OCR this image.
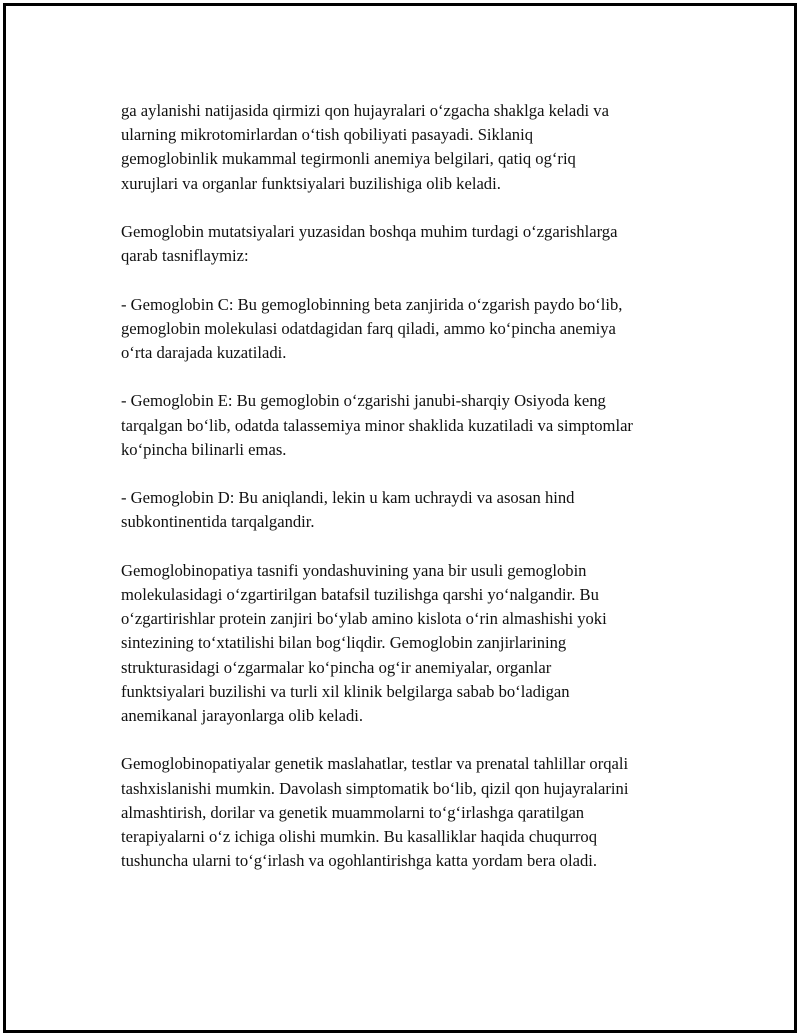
ga aylanishi natijasida qirmizi qon hujayralari o‘zgacha shaklga keladi va
ularning mikrotomirlardan o‘tish qobiliyati pasayadi. Siklaniq
gemoglobinlik mukammal tegirmonli anemiya belgilari, qatiq og‘riq
xurujlari va organlar funktsiyalari buzilishiga olib keladi.

Gemoglobin mutatsiyalari yuzasidan boshqa muhim turdagi o‘zgarishlarga
qarab tasniflaymiz:

- Gemoglobin C: Bu gemoglobinning beta zanjirida o‘zgarish paydo bo‘lib,
gemoglobin molekulasi odatdagidan farq qiladi, ammo ko‘pincha anemiya
o‘rta darajada kuzatiladi.

- Gemoglobin E: Bu gemoglobin o‘zgarishi janubi-sharqiy Osiyoda keng
tarqalgan bo‘lib, odatda talassemiya minor shaklida kuzatiladi va simptomlar
ko‘pincha bilinarli emas.

- Gemoglobin D: Bu aniqlandi, lekin u kam uchraydi va asosan hind
subkontinentida tarqalgandir.

Gemoglobinopatiya tasnifi yondashuvining yana bir usuli gemoglobin
molekulasidagi o‘zgartirilgan batafsil tuzilishga qarshi yo‘nalgandir. Bu
o‘zgartirishlar protein zanjiri bo‘ylab amino kislota o‘rin almashishi yoki
sintezining to‘xtatilishi bilan bog‘liqdir. Gemoglobin zanjirlarining
strukturasidagi o‘zgarmalar ko‘pincha og‘ir anemiyalar, organlar
funktsiyalari buzilishi va turli xil klinik belgilarga sabab bo‘ladigan
anemikanal jarayonlarga olib keladi.

Gemoglobinopatiyalar genetik maslahatlar, testlar va prenatal tahlillar orqali
tashxislanishi mumkin. Davolash simptomatik bo‘lib, qizil qon hujayralarini
almashtirish, dorilar va genetik muammolarni to‘g‘irlashga qaratilgan
terapiyalarni o‘z ichiga olishi mumkin. Bu kasalliklar haqida chuqurroq
tushuncha ularni to‘g‘irlash va ogohlantirishga katta yordam bera oladi.
